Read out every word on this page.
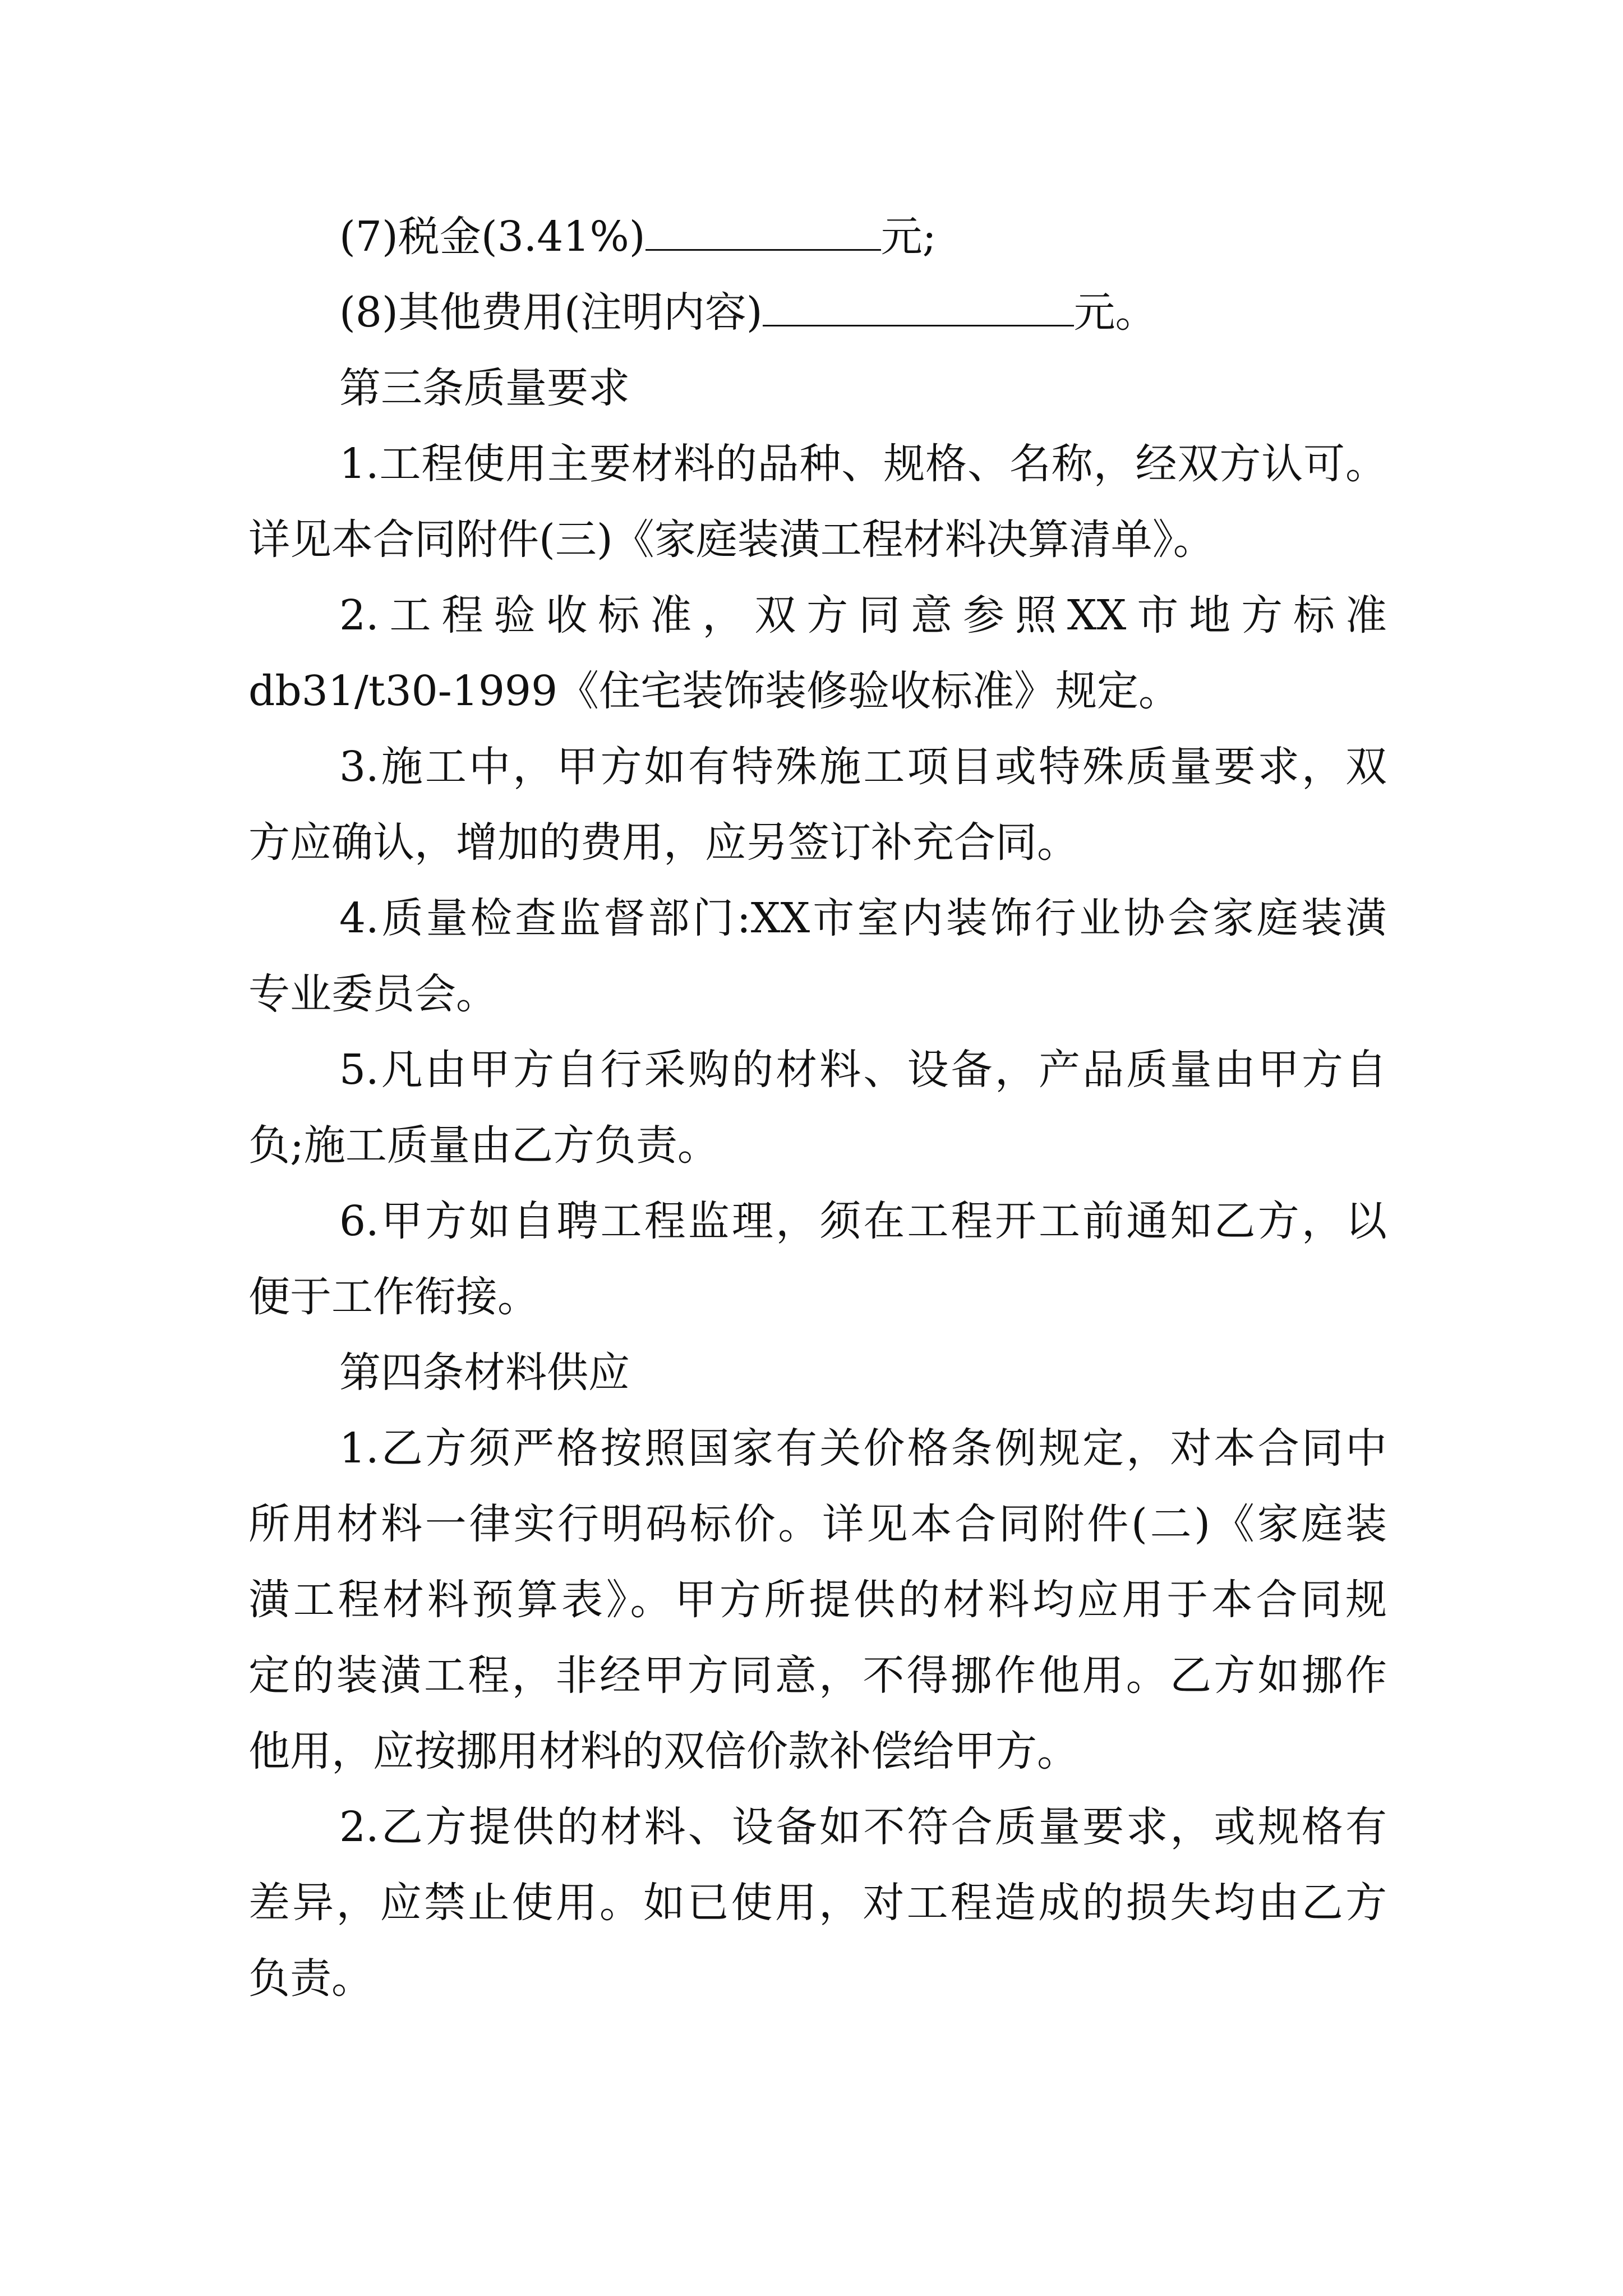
(7)税金(3.41%)	元;
(8)其他费用(注明内容)	元。
第三条质量要求
1.工程使用主要材料的品种、规格、名称，经双方认可。
详见本合同附件(三)《家庭装潢工程材料决算清单》。
2.工程验收标准，双方同意参照XX市地方标准
db31/t30-1999《住宅装饰装修验收标准》规定。
3.施工中，甲方如有特殊施工项目或特殊质量要求，双
方应确认，增加的费用，应另签订补充合同。
4.质量检查监督部门:XX市室内装饰行业协会家庭装潢
专业委员会。
5.凡由甲方自行采购的材料、设备，产品质量由甲方自
负;施工质量由乙方负责。
6.甲方如自聘工程监理，须在工程开工前通知乙方，以
便于工作衔接。
第四条材料供应
1.乙方须严格按照国家有关价格条例规定，对本合同中
所用材料一律实行明码标价。详见本合同附件(二)《家庭装
潢工程材料预算表》。甲方所提供的材料均应用于本合同规
定的装潢工程，非经甲方同意，不得挪作他用。乙方如挪作
他用，应按挪用材料的双倍价款补偿给甲方。
2.乙方提供的材料、设备如不符合质量要求，或规格有
差异，应禁止使用。如已使用，对工程造成的损失均由乙方
负责。
